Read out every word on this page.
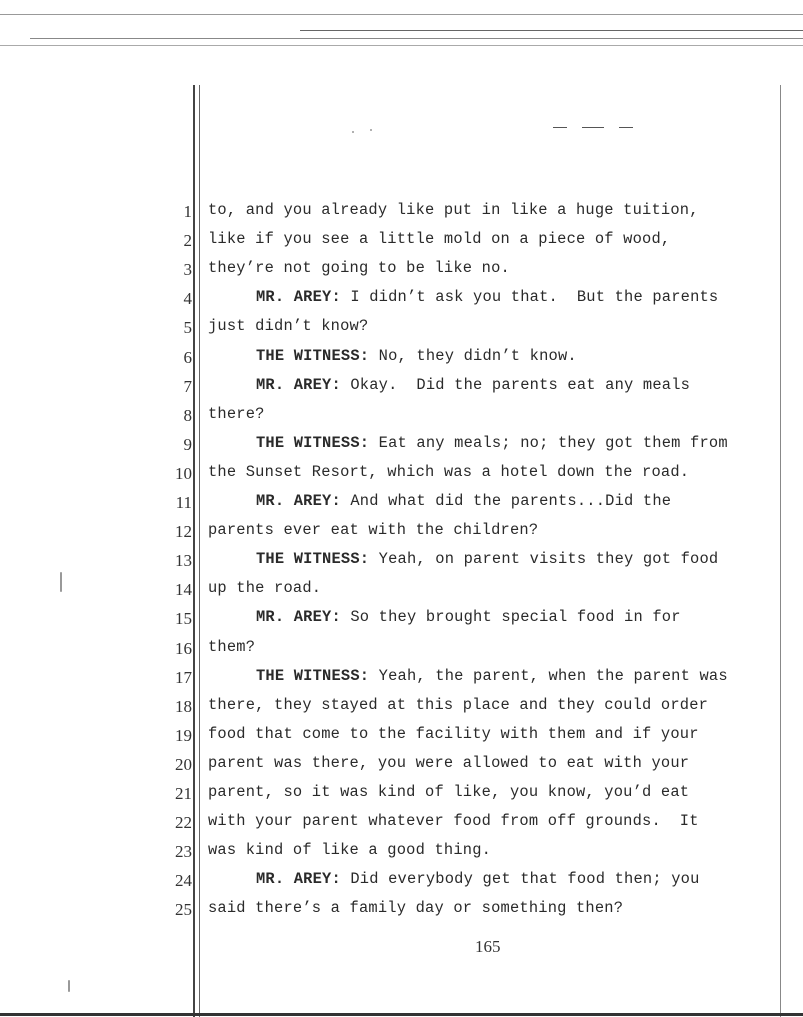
1 to, and you already like put in like a huge tuition,
2 like if you see a little mold on a piece of wood,
3 they’re not going to be like no.
4	MR. AREY: I didn’t ask you that.  But the parents
5 just didn’t know?
6	THE WITNESS: No, they didn’t know.
7	MR. AREY: Okay.  Did the parents eat any meals
8 there?
9	THE WITNESS: Eat any meals; no; they got them from
10 the Sunset Resort, which was a hotel down the road.
11	MR. AREY: And what did the parents...Did the
12 parents ever eat with the children?
13	THE WITNESS: Yeah, on parent visits they got food
14 up the road.
15	MR. AREY: So they brought special food in for
16 them?
17	THE WITNESS: Yeah, the parent, when the parent was
18 there, they stayed at this place and they could order
19 food that come to the facility with them and if your
20 parent was there, you were allowed to eat with your
21 parent, so it was kind of like, you know, you’d eat
22 with your parent whatever food from off grounds.  It
23 was kind of like a good thing.
24	MR. AREY: Did everybody get that food then; you
25 said there’s a family day or something then?
165
